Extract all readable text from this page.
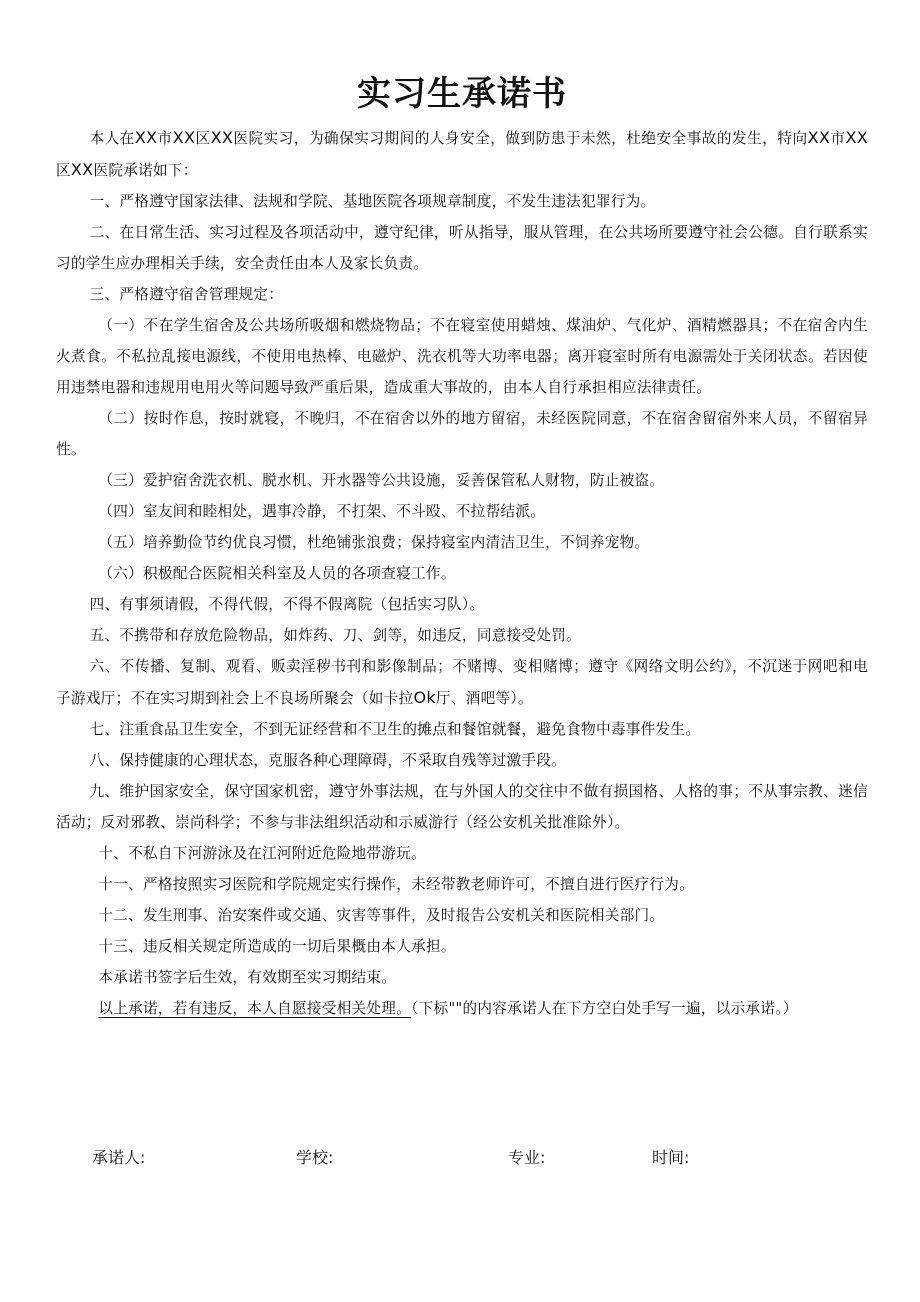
实习生承诺书

本人在XX市XX区XX医院实习，为确保实习期间的人身安全，做到防患于未然，杜绝安全事故的发生，特向XX市XX区XX医院承诺如下：

一、严格遵守国家法律、法规和学院、基地医院各项规章制度，不发生违法犯罪行为。

二、在日常生活、实习过程及各项活动中，遵守纪律，听从指导，服从管理，在公共场所要遵守社会公德。自行联系实习的学生应办理相关手续，安全责任由本人及家长负责。

三、严格遵守宿舍管理规定：

（一）不在学生宿舍及公共场所吸烟和燃烧物品；不在寝室使用蜡烛、煤油炉、气化炉、酒精燃器具；不在宿舍内生火煮食。不私拉乱接电源线，不使用电热棒、电磁炉、洗衣机等大功率电器；离开寝室时所有电源需处于关闭状态。若因使用违禁电器和违规用电用火等问题导致严重后果，造成重大事故的，由本人自行承担相应法律责任。

（二）按时作息，按时就寝，不晚归，不在宿舍以外的地方留宿，未经医院同意，不在宿舍留宿外来人员，不留宿异性。

（三）爱护宿舍洗衣机、脱水机、开水器等公共设施，妥善保管私人财物，防止被盗。

（四）室友间和睦相处，遇事冷静，不打架、不斗殴、不拉帮结派。

（五）培养勤俭节约优良习惯，杜绝铺张浪费；保持寝室内清洁卫生，不饲养宠物。

（六）积极配合医院相关科室及人员的各项查寝工作。

四、有事须请假，不得代假，不得不假离院（包括实习队）。

五、不携带和存放危险物品，如炸药、刀、剑等，如违反，同意接受处罚。

六、不传播、复制、观看、贩卖淫秽书刊和影像制品；不赌博、变相赌博；遵守《网络文明公约》，不沉迷于网吧和电子游戏厅；不在实习期到社会上不良场所聚会（如卡拉Ok厅、酒吧等）。

七、注重食品卫生安全，不到无证经营和不卫生的摊点和餐馆就餐，避免食物中毒事件发生。

八、保持健康的心理状态，克服各种心理障碍，不采取自残等过激手段。

九、维护国家安全，保守国家机密，遵守外事法规，在与外国人的交往中不做有损国格、人格的事；不从事宗教、迷信活动；反对邪教、崇尚科学；不参与非法组织活动和示威游行（经公安机关批准除外）。

十、不私自下河游泳及在江河附近危险地带游玩。

十一、严格按照实习医院和学院规定实行操作，未经带教老师许可，不擅自进行医疗行为。

十二、发生刑事、治安案件或交通、灾害等事件，及时报告公安机关和医院相关部门。

十三、违反相关规定所造成的一切后果概由本人承担。

本承诺书签字后生效，有效期至实习期结束。

以上承诺，若有违反，本人自愿接受相关处理。（下标""的内容承诺人在下方空白处手写一遍，以示承诺。）

承诺人:	学校:	专业:	时间:
